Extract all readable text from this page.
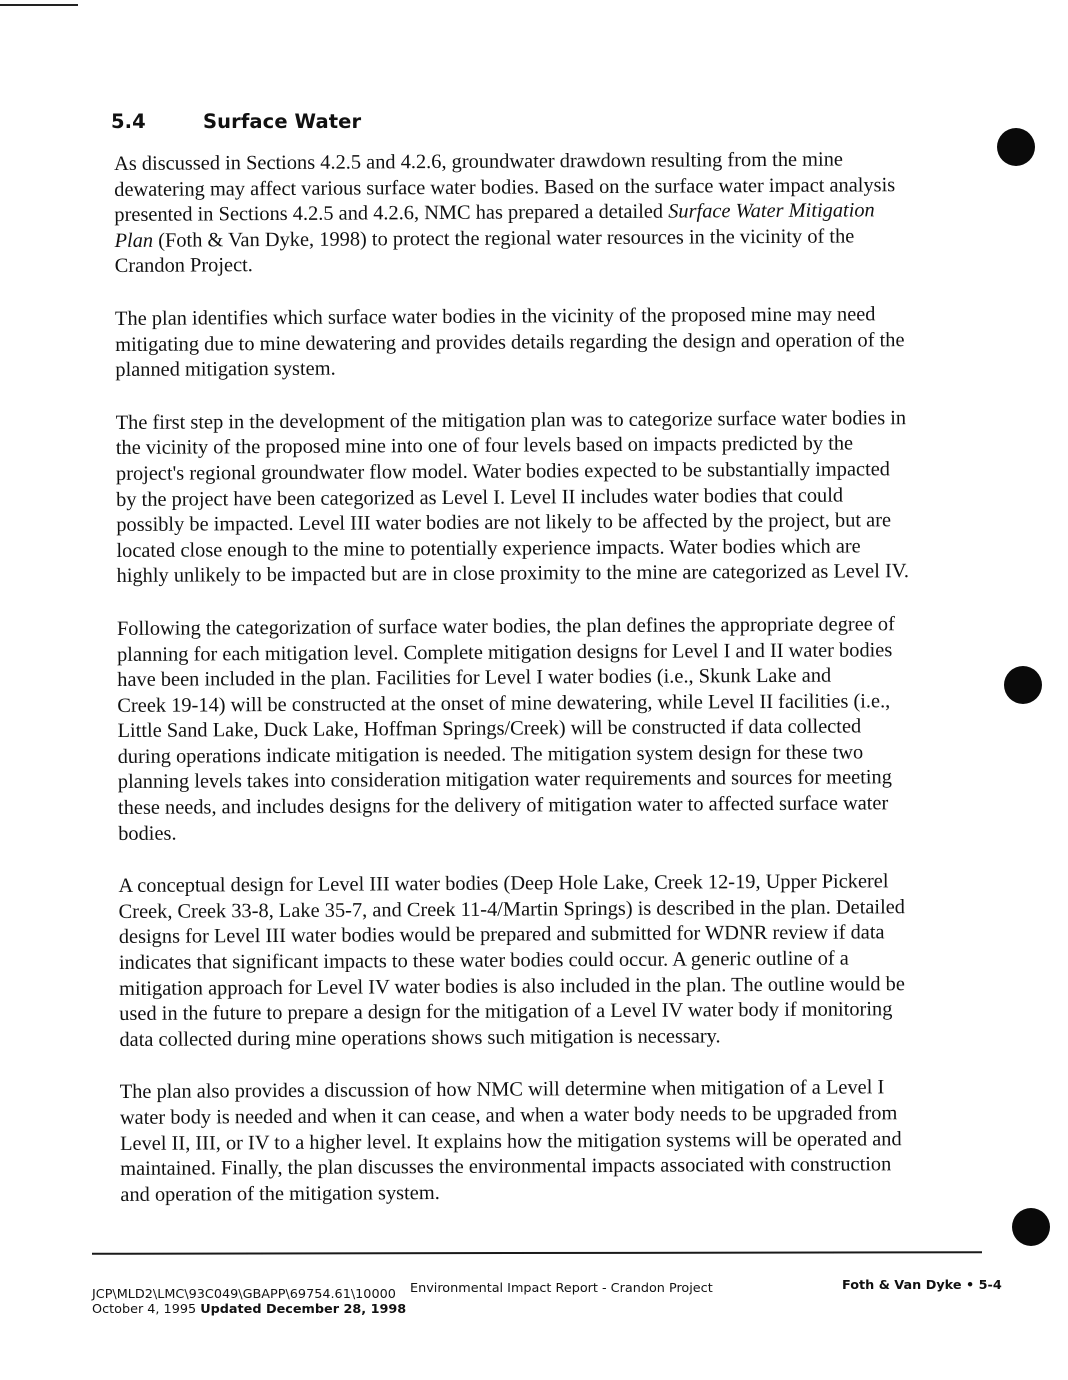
5.4	Surface Water

As discussed in Sections 4.2.5 and 4.2.6, groundwater drawdown resulting from the mine
dewatering may affect various surface water bodies. Based on the surface water impact analysis
presented in Sections 4.2.5 and 4.2.6, NMC has prepared a detailed Surface Water Mitigation
Plan (Foth & Van Dyke, 1998) to protect the regional water resources in the vicinity of the
Crandon Project.

The plan identifies which surface water bodies in the vicinity of the proposed mine may need
mitigating due to mine dewatering and provides details regarding the design and operation of the
planned mitigation system.

The first step in the development of the mitigation plan was to categorize surface water bodies in
the vicinity of the proposed mine into one of four levels based on impacts predicted by the
project's regional groundwater flow model. Water bodies expected to be substantially impacted
by the project have been categorized as Level I. Level II includes water bodies that could
possibly be impacted. Level III water bodies are not likely to be affected by the project, but are
located close enough to the mine to potentially experience impacts. Water bodies which are
highly unlikely to be impacted but are in close proximity to the mine are categorized as Level IV.

Following the categorization of surface water bodies, the plan defines the appropriate degree of
planning for each mitigation level. Complete mitigation designs for Level I and II water bodies
have been included in the plan. Facilities for Level I water bodies (i.e., Skunk Lake and
Creek 19-14) will be constructed at the onset of mine dewatering, while Level II facilities (i.e.,
Little Sand Lake, Duck Lake, Hoffman Springs/Creek) will be constructed if data collected
during operations indicate mitigation is needed. The mitigation system design for these two
planning levels takes into consideration mitigation water requirements and sources for meeting
these needs, and includes designs for the delivery of mitigation water to affected surface water
bodies.

A conceptual design for Level III water bodies (Deep Hole Lake, Creek 12-19, Upper Pickerel
Creek, Creek 33-8, Lake 35-7, and Creek 11-4/Martin Springs) is described in the plan. Detailed
designs for Level III water bodies would be prepared and submitted for WDNR review if data
indicates that significant impacts to these water bodies could occur. A generic outline of a
mitigation approach for Level IV water bodies is also included in the plan. The outline would be
used in the future to prepare a design for the mitigation of a Level IV water body if monitoring
data collected during mine operations shows such mitigation is necessary.

The plan also provides a discussion of how NMC will determine when mitigation of a Level I
water body is needed and when it can cease, and when a water body needs to be upgraded from
Level II, III, or IV to a higher level. It explains how the mitigation systems will be operated and
maintained. Finally, the plan discusses the environmental impacts associated with construction
and operation of the mitigation system.

JCP\MLD2\LMC\93C049\GBAPP\69754.61\10000
October 4, 1995 Updated December 28, 1998
Environmental Impact Report - Crandon Project	Foth & Van Dyke • 5-4
